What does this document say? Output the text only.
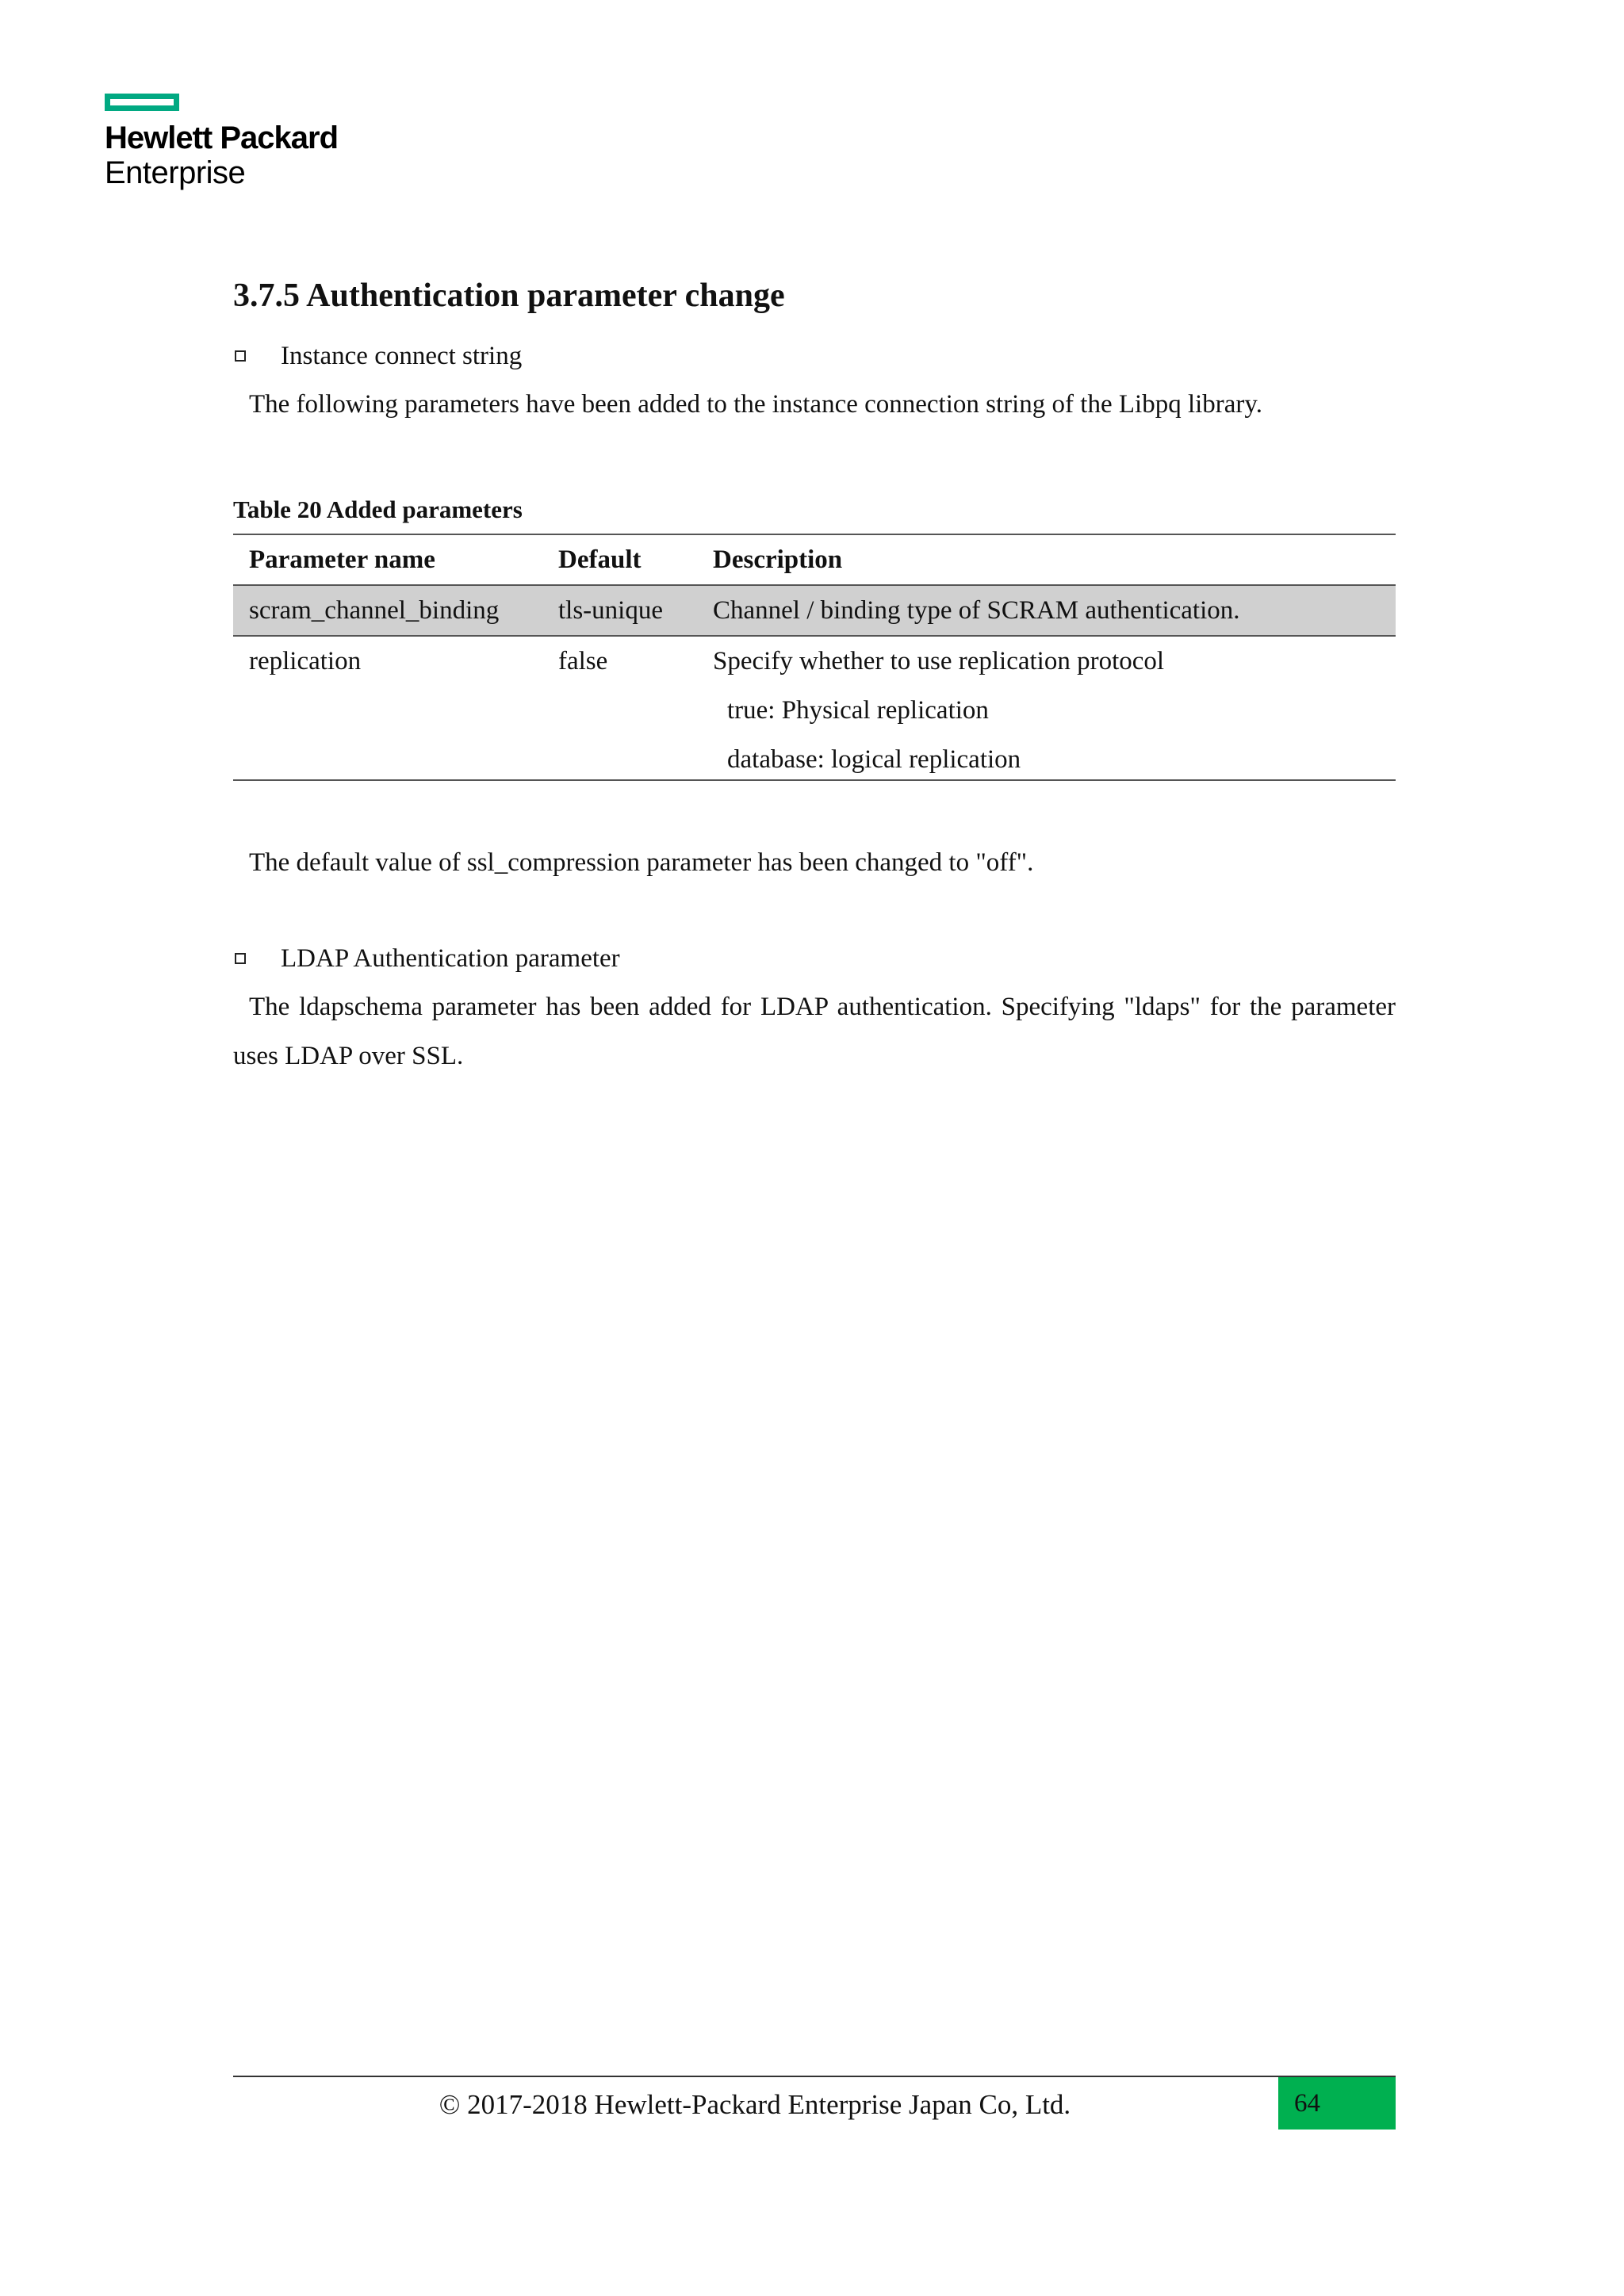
Hewlett Packard
Enterprise
3.7.5 Authentication parameter change
Instance connect string

The following parameters have been added to the instance connection string of the Libpq library.

Table 20 Added parameters
Parameter name	Default	Description
scram_channel_binding	tls-unique	Channel / binding type of SCRAM authentication.
replication	false	Specify whether to use replication protocol
true: Physical replication
database: logical replication

The default value of ssl_compression parameter has been changed to "off".

LDAP Authentication parameter

The ldapschema parameter has been added for LDAP authentication. Specifying "ldaps" for the parameter uses LDAP over SSL.

© 2017-2018 Hewlett-Packard Enterprise Japan Co, Ltd.	64
